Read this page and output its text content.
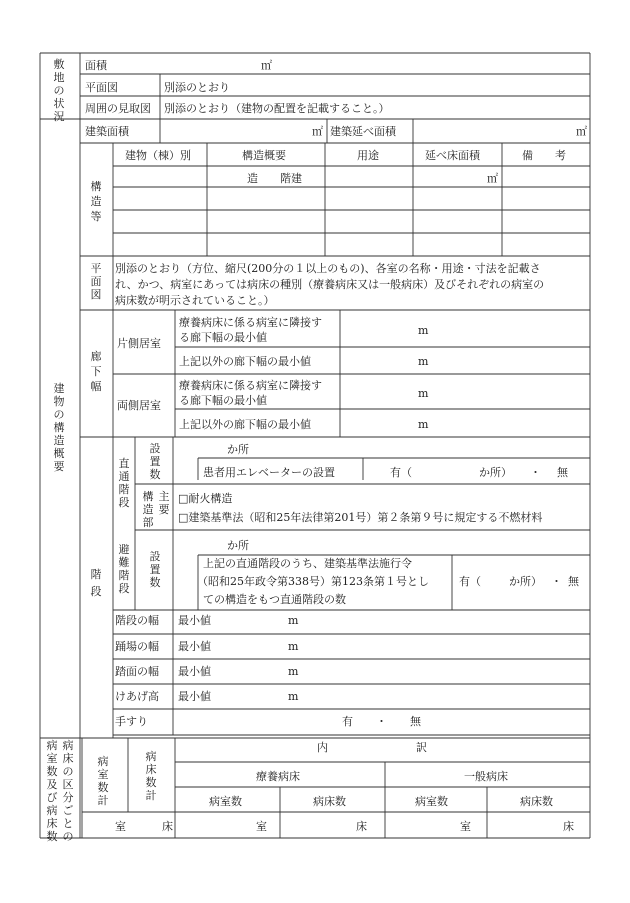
敷
地
の
状
況
面積	㎡
平面図	別添のとおり
周囲の見取図 別添のとおり（建物の配置を記載すること。）
建
物
の
構
造
概
要
建築面積	㎡ 建築延べ面積	㎡
構
造
等
建物（棟）別	構造概要	用途	延べ床面積	備　　考
造　　階建	㎡
平
面
図
別添のとおり（方位、縮尺(200分の１以上のもの)、各室の名称・用途・寸法を記載さ
れ、かつ、病室にあっては病床の種別（療養病床又は一般病床）及びそれぞれの病室の
病床数が明示されていること。）
廊
下
幅
片側居室
療養病床に係る病室に隣接す
る廊下幅の最小値
m
上記以外の廊下幅の最小値	m
両側居室
療養病床に係る病室に隣接す
る廊下幅の最小値
m
上記以外の廊下幅の最小値	m
階
段
直
通
階
段
設
置
数
か所
患者用エレベーターの設置	有（	か所） ・ 無
構
造
部
主
要
□耐火構造
□建築基準法（昭和25年法律第201号）第２条第９号に規定する不燃材料
避
難
階
段
設
置
数
か所
上記の直通階段のうち、建築基準法施行令
（昭和25年政令第338号）第123条第１号とし
ての構造をもつ直通階段の数
有（	か所） ・ 無
階段の幅 最小値	m
踊場の幅 最小値	m
踏面の幅 最小値	m
けあげ高 最小値	m
手すり	有 ・ 無
病
室
数
及
び
病
床
数
病
床
の
区
分
ご
と
の
病
室
数
計
病
床
数
計
内　　　　　　　　訳
療養病床	一般病床
病室数	病床数	病室数	病床数
室	床	室	床	室	床
